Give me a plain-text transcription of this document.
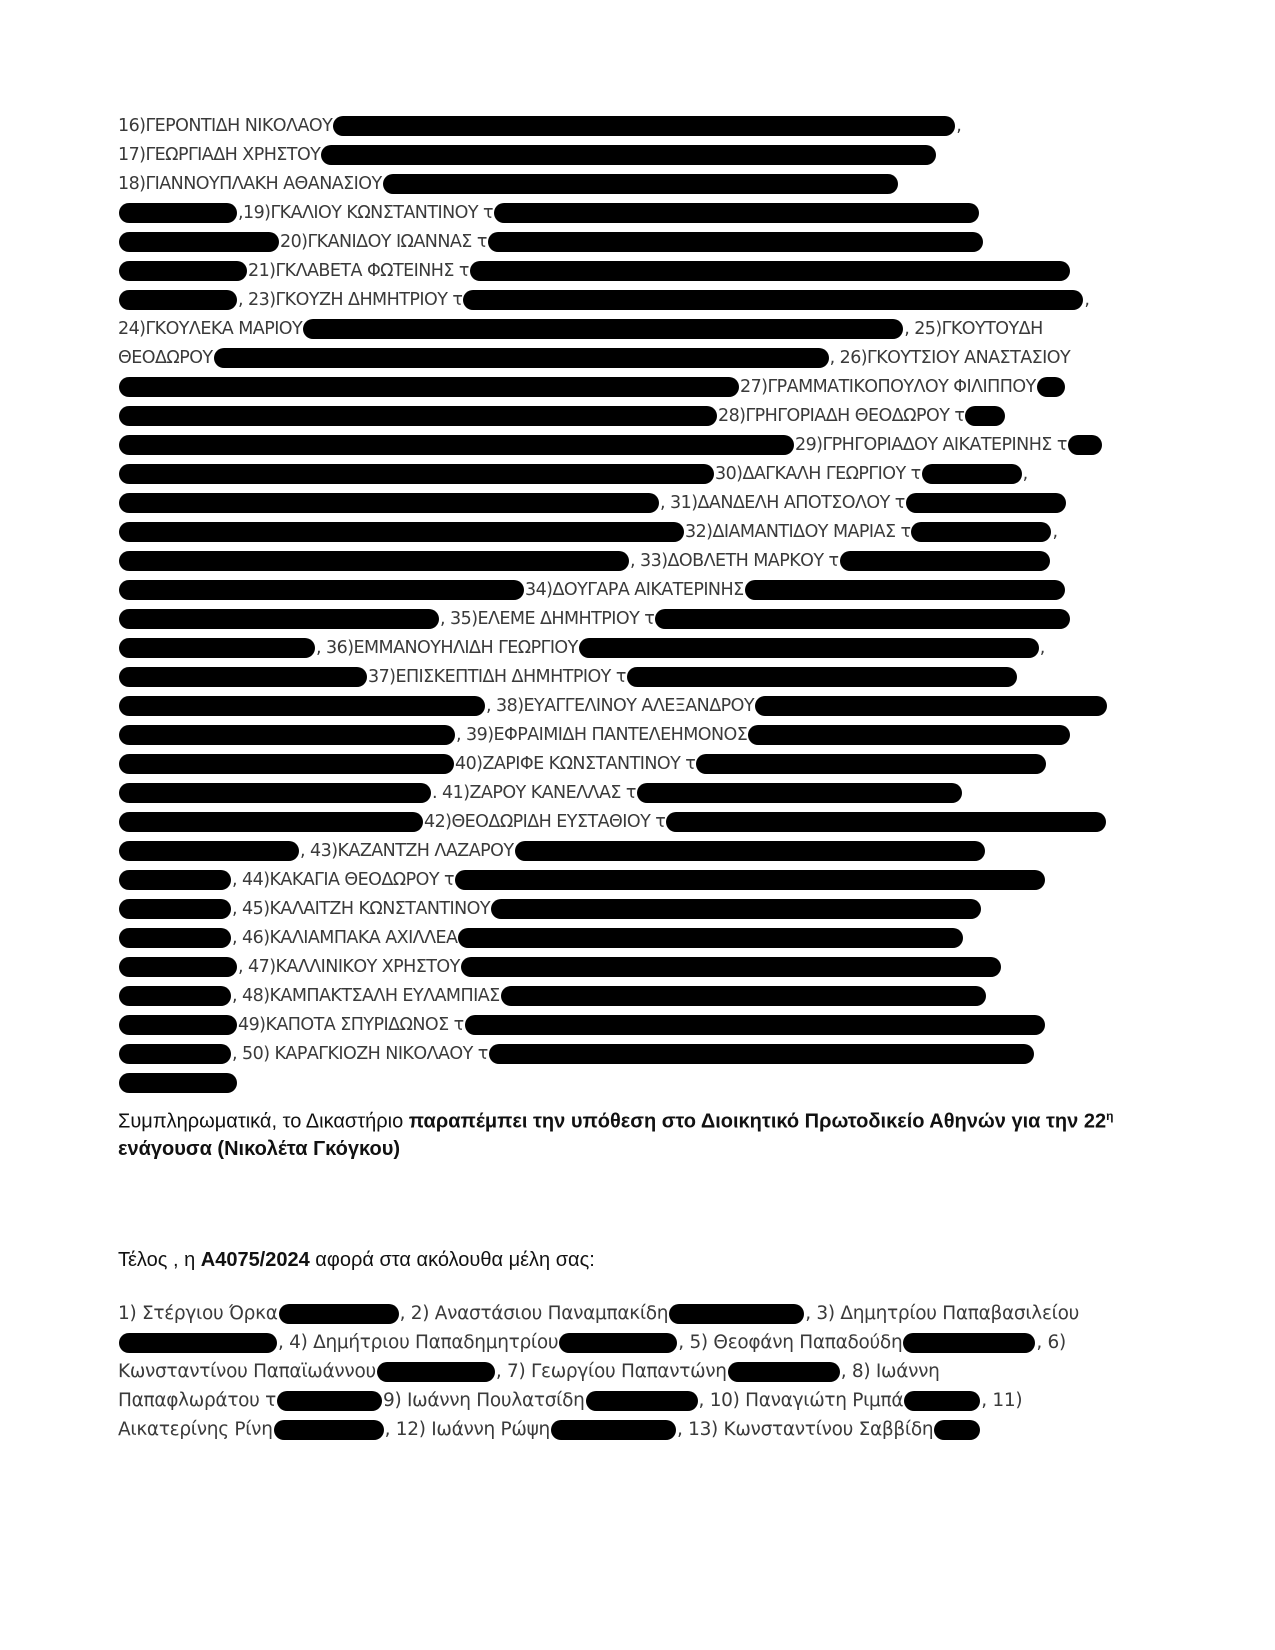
16)ΓΕΡΟΝΤΙΔΗ ΝΙΚΟΛΑΟΥ	,
17)ΓΕΩΡΓΙΑΔΗ ΧΡΗΣΤΟΥ
18)ΓΙΑΝΝΟΥΠΛΑΚΗ ΑΘΑΝΑΣΙΟΥ
,19)ΓΚΑΛΙΟΥ ΚΩΝΣΤΑΝΤΙΝΟΥ τ
20)ΓΚΑΝΙΔΟΥ ΙΩΑΝΝΑΣ τ
21)ΓΚΛΑΒΕΤΑ ΦΩΤΕΙΝΗΣ τ
, 23)ΓΚΟΥΖΗ ΔΗΜΗΤΡΙΟΥ τ	,
24)ΓΚΟΥΛΕΚΑ ΜΑΡΙΟΥ	, 25)ΓΚΟΥΤΟΥΔΗ
ΘΕΟΔΩΡΟΥ	, 26)ΓΚΟΥΤΣΙΟΥ ΑΝΑΣΤΑΣΙΟΥ
27)ΓΡΑΜΜΑΤΙΚΟΠΟΥΛΟΥ ΦΙΛΙΠΠΟΥ
28)ΓΡΗΓΟΡΙΑΔΗ ΘΕΟΔΩΡΟΥ τ
29)ΓΡΗΓΟΡΙΑΔΟΥ ΑΙΚΑΤΕΡΙΝΗΣ τ
30)ΔΑΓΚΑΛΗ ΓΕΩΡΓΙΟΥ τ	,
, 31)ΔΑΝΔΕΛΗ ΑΠΟΤΣΟΛΟΥ τ
32)ΔΙΑΜΑΝΤΙΔΟΥ ΜΑΡΙΑΣ τ	,
, 33)ΔΟΒΛΕΤΗ ΜΑΡΚΟΥ τ
34)ΔΟΥΓΑΡΑ ΑΙΚΑΤΕΡΙΝΗΣ
, 35)ΕΛΕΜΕ ΔΗΜΗΤΡΙΟΥ τ
, 36)ΕΜΜΑΝΟΥΗΛΙΔΗ ΓΕΩΡΓΙΟΥ	,
37)ΕΠΙΣΚΕΠΤΙΔΗ ΔΗΜΗΤΡΙΟΥ τ
, 38)ΕΥΑΓΓΕΛΙΝΟΥ ΑΛΕΞΑΝΔΡΟΥ
, 39)ΕΦΡΑΙΜΙΔΗ ΠΑΝΤΕΛΕΗΜΟΝΟΣ
40)ΖΑΡΙΦΕ ΚΩΝΣΤΑΝΤΙΝΟΥ τ
. 41)ΖΑΡΟΥ ΚΑΝΕΛΛΑΣ τ
42)ΘΕΟΔΩΡΙΔΗ ΕΥΣΤΑΘΙΟΥ τ
, 43)ΚΑΖΑΝΤΖΗ ΛΑΖΑΡΟΥ
, 44)ΚΑΚΑΓΙΑ ΘΕΟΔΩΡΟΥ τ
, 45)ΚΑΛΑΙΤΖΗ ΚΩΝΣΤΑΝΤΙΝΟΥ
, 46)ΚΑΛΙΑΜΠΑΚΑ ΑΧΙΛΛΕΑ
, 47)ΚΑΛΛΙΝΙΚΟΥ ΧΡΗΣΤΟΥ
, 48)ΚΑΜΠΑΚΤΣΑΛΗ ΕΥΛΑΜΠΙΑΣ
49)ΚΑΠΟΤΑ ΣΠΥΡΙΔΩΝΟΣ τ
, 50) ΚΑΡΑΓΚΙΟΖΗ ΝΙΚΟΛΑΟΥ τ
Συμπληρωματικά, το Δικαστήριο παραπέμπει την υπόθεση στο Διοικητικό Πρωτοδικείο Αθηνών για την $22^\eta$ ενάγουσα (Νικολέτα Γκόγκου)
Τέλος , η Α4075/2024 αφορά στα ακόλουθα μέλη σας:
1) Στέργιου Όρκα	, 2) Αναστάσιου Παναμπακίδη	, 3) Δημητρίου Παπαβασιλείου
, 4) Δημήτριου Παπαδημητρίου	, 5) Θεοφάνη Παπαδούδη	, 6)
Κωνσταντίνου Παπαϊωάννου	, 7) Γεωργίου Παπαντώνη	, 8) Ιωάννη
Παπαφλωράτου τ	9) Ιωάννη Πουλατσίδη	, 10) Παναγιώτη Ριμπά	, 11)
Αικατερίνης Ρίνη	, 12) Ιωάννη Ρώψη	, 13) Κωνσταντίνου Σαββίδη
